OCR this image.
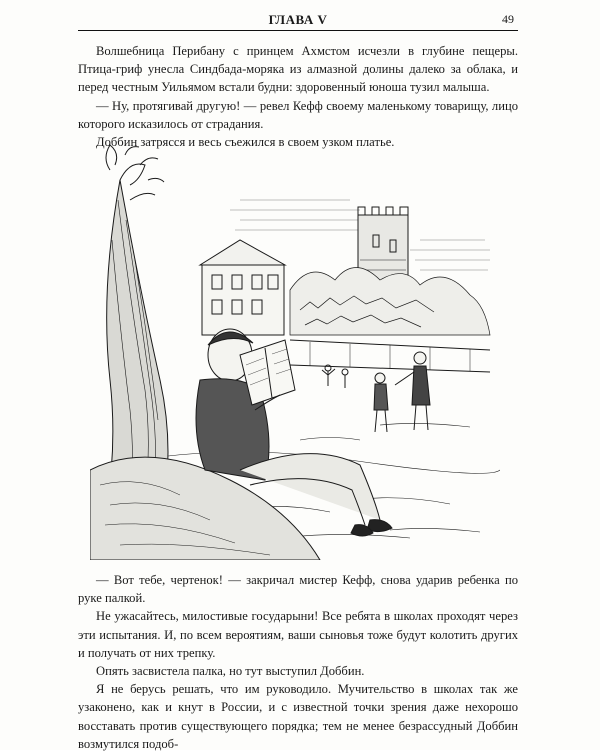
ГЛАВА V	49

Волшебница Перибану с принцем Ахмстом исчезли в глубине пещеры. Птица-гриф унесла Синдбада-моряка из алмазной долины далеко за облака, и перед честным Уильямом встали будни: здоровенный юноша тузил малыша.

— Ну, протягивай другую! — ревел Кефф своему маленькому товарищу, лицо которого исказилось от страдания.

Доббин затрясся и весь съежился в своем узком платье.

— Вот тебе, чертенок! — закричал мистер Кефф, снова ударив ребенка по руке палкой.

Не ужасайтесь, милостивые государыни! Все ребята в школах проходят через эти испытания. И, по всем вероятиям, ваши сыновья тоже будут колотить других и получать от них трепку.

Опять засвистела палка, но тут выступил Доббин.

Я не берусь решать, что им руководило. Мучительство в школах так же узаконено, как и кнут в России, и с известной точки зрения даже нехорошо восставать против существующего порядка; тем не менее безрассудный Доббин возмутился подоб-
